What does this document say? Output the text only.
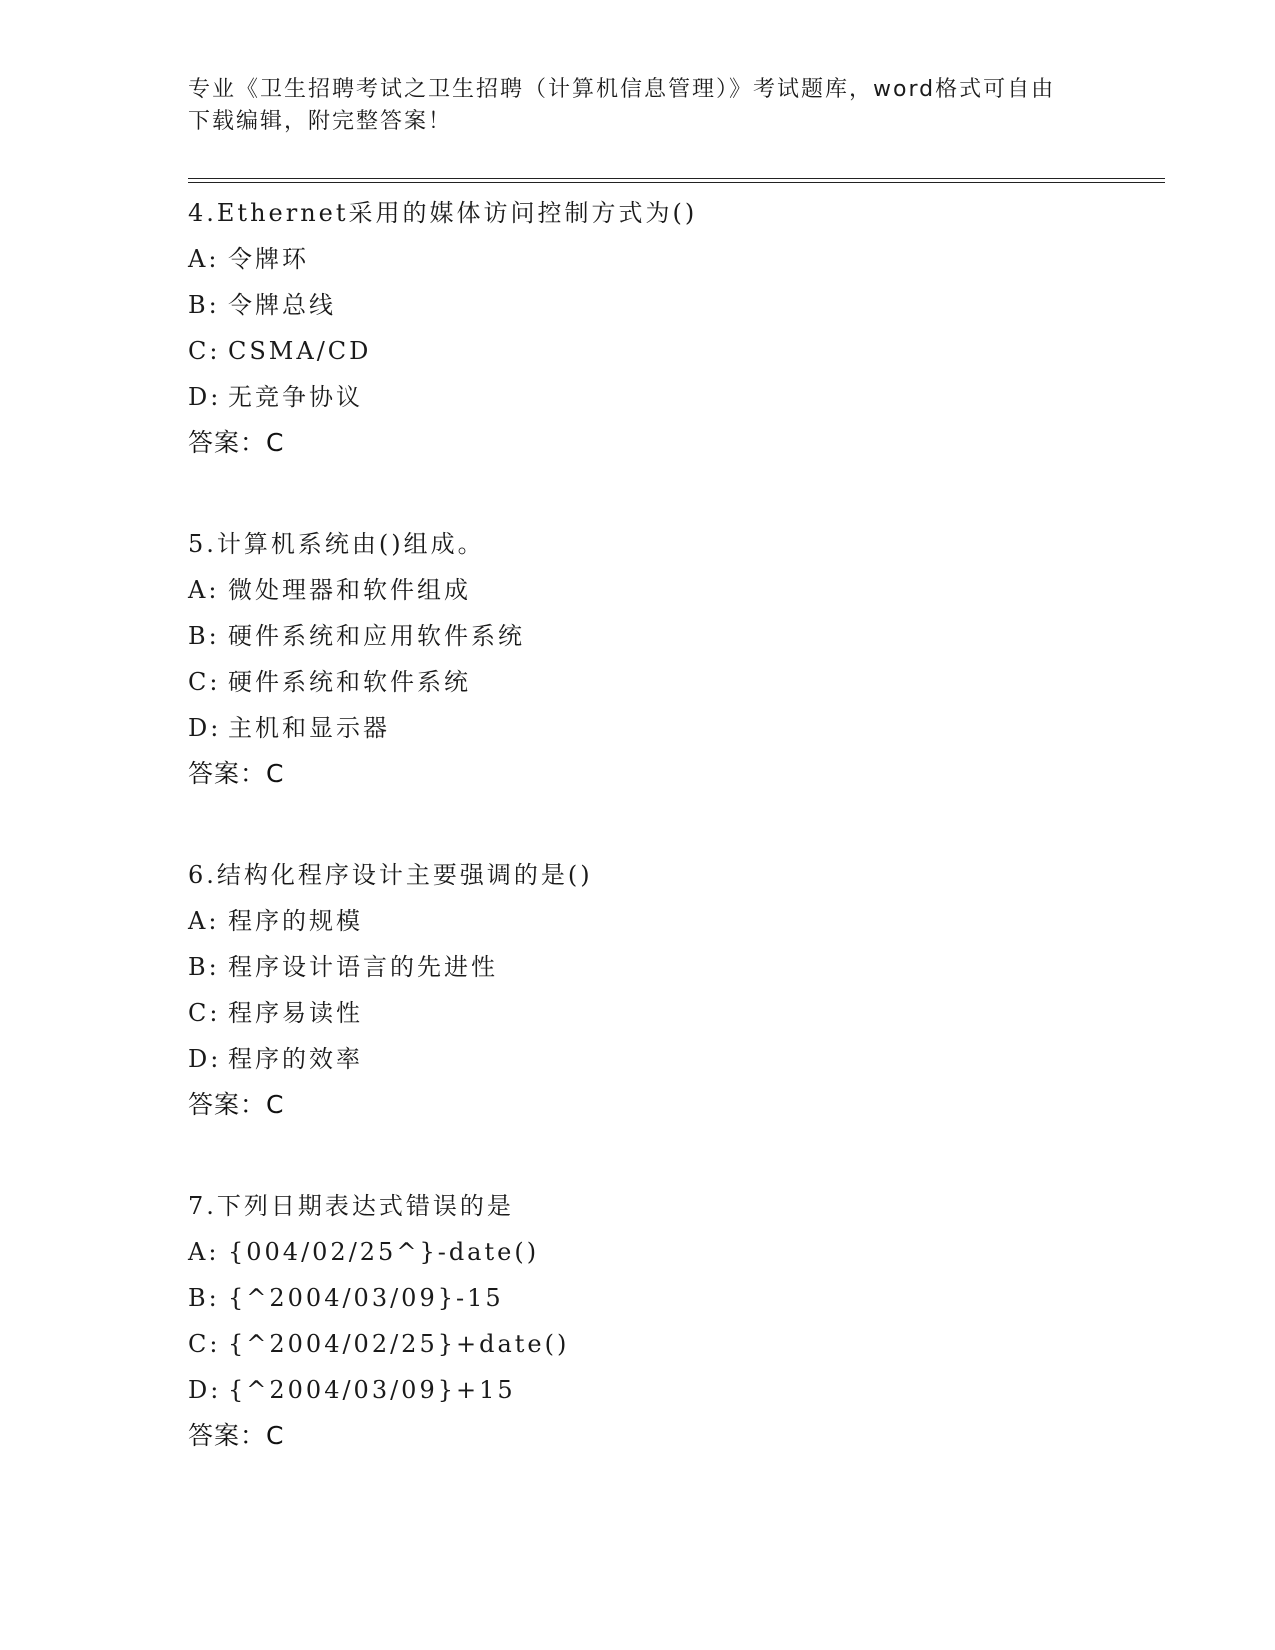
专业《卫生招聘考试之卫生招聘（计算机信息管理）》考试题库，word格式可自由下载编辑，附完整答案！
4.Ethernet采用的媒体访问控制方式为()
A: 令牌环
B: 令牌总线
C: CSMA/CD
D: 无竞争协议
答案：C
5.计算机系统由()组成。
A: 微处理器和软件组成
B: 硬件系统和应用软件系统
C: 硬件系统和软件系统
D: 主机和显示器
答案：C
6.结构化程序设计主要强调的是()
A: 程序的规模
B: 程序设计语言的先进性
C: 程序易读性
D: 程序的效率
答案：C
7.下列日期表达式错误的是
A: {004/02/25^}-date()
B: {^2004/03/09}-15
C: {^2004/02/25}+date()
D: {^2004/03/09}+15
答案：C
